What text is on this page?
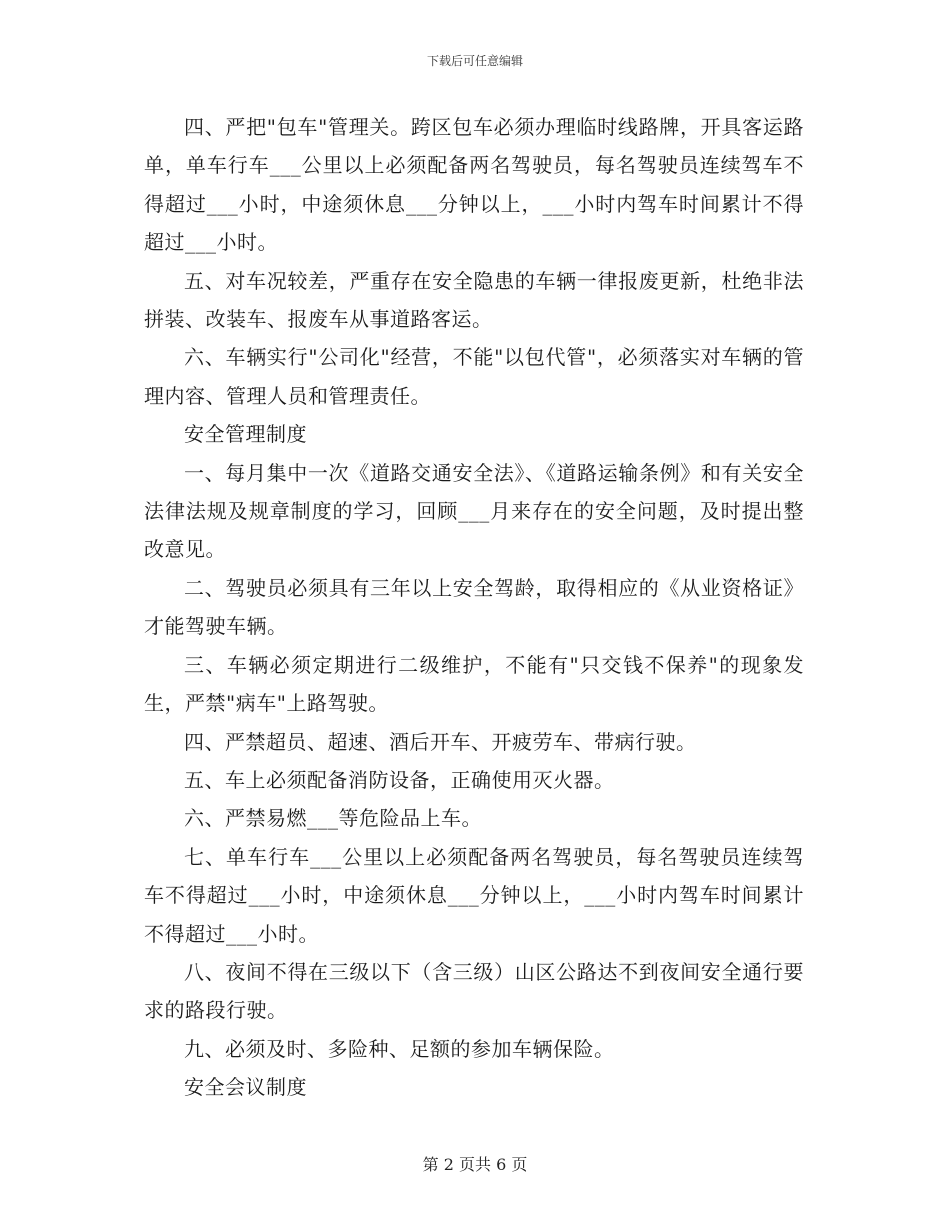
下载后可任意编辑

四、严把"包车"管理关。跨区包车必须办理临时线路牌，开具客运路单，单车行车___公里以上必须配备两名驾驶员，每名驾驶员连续驾车不得超过___小时，中途须休息___分钟以上，___小时内驾车时间累计不得超过___小时。

五、对车况较差，严重存在安全隐患的车辆一律报废更新，杜绝非法拼装、改装车、报废车从事道路客运。

六、车辆实行"公司化"经营，不能"以包代管"，必须落实对车辆的管理内容、管理人员和管理责任。

安全管理制度

一、每月集中一次《道路交通安全法》、《道路运输条例》和有关安全法律法规及规章制度的学习，回顾___月来存在的安全问题，及时提出整改意见。

二、驾驶员必须具有三年以上安全驾龄，取得相应的《从业资格证》才能驾驶车辆。

三、车辆必须定期进行二级维护，不能有"只交钱不保养"的现象发生，严禁"病车"上路驾驶。

四、严禁超员、超速、酒后开车、开疲劳车、带病行驶。

五、车上必须配备消防设备，正确使用灭火器。

六、严禁易燃___等危险品上车。

七、单车行车___公里以上必须配备两名驾驶员，每名驾驶员连续驾车不得超过___小时，中途须休息___分钟以上，___小时内驾车时间累计不得超过___小时。

八、夜间不得在三级以下（含三级）山区公路达不到夜间安全通行要求的路段行驶。

九、必须及时、多险种、足额的参加车辆保险。

安全会议制度

第 2 页共 6 页
